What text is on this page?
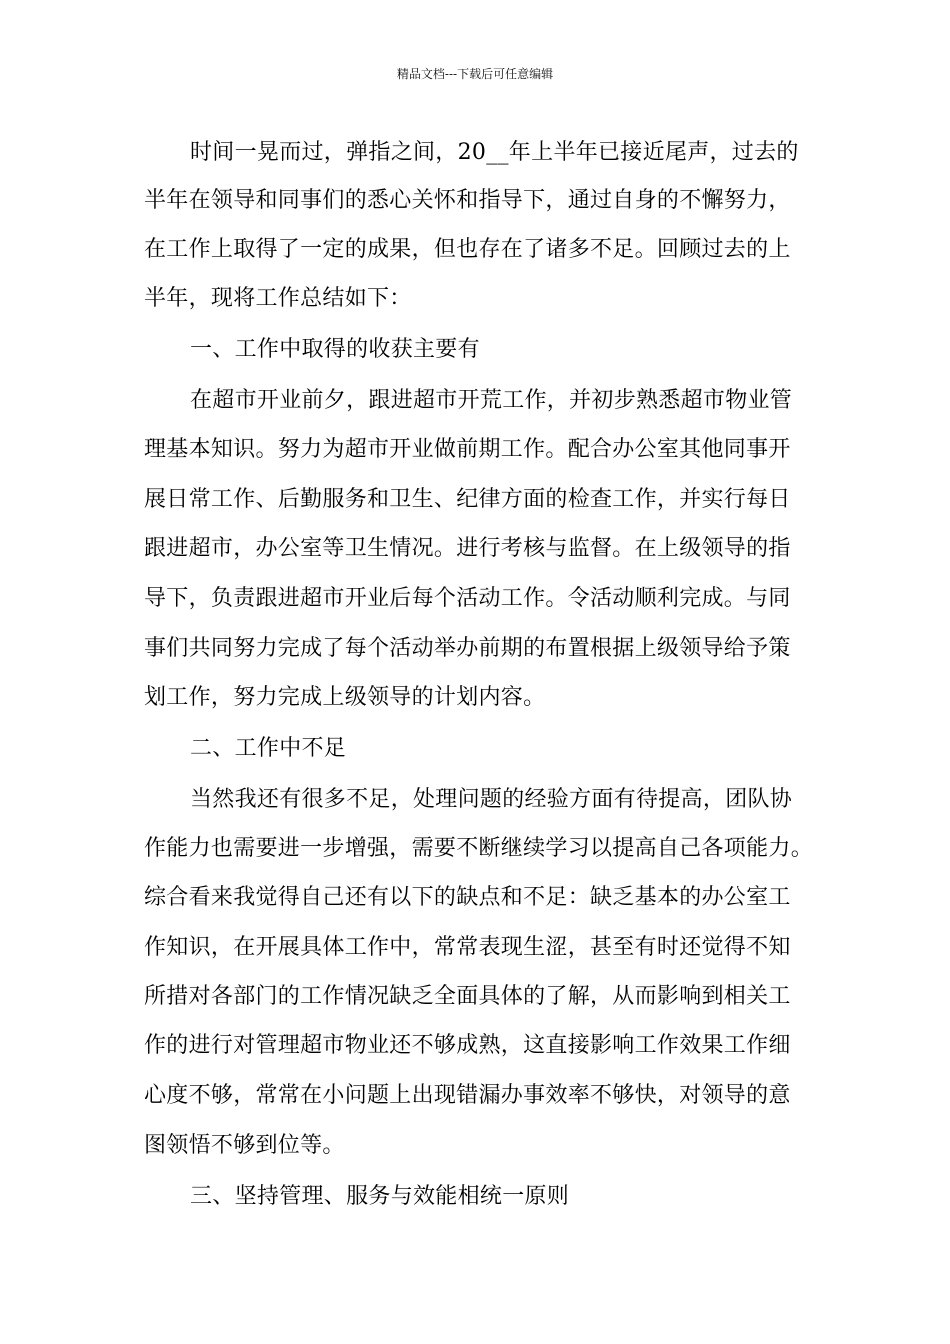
精品文档---下载后可任意编辑
时间一晃而过，弹指之间，20__年上半年已接近尾声，过去的
半年在领导和同事们的悉心关怀和指导下，通过自身的不懈努力，
在工作上取得了一定的成果，但也存在了诸多不足。回顾过去的上
半年，现将工作总结如下：
一、工作中取得的收获主要有
在超市开业前夕，跟进超市开荒工作，并初步熟悉超市物业管
理基本知识。努力为超市开业做前期工作。配合办公室其他同事开
展日常工作、后勤服务和卫生、纪律方面的检查工作，并实行每日
跟进超市，办公室等卫生情况。进行考核与监督。在上级领导的指
导下，负责跟进超市开业后每个活动工作。令活动顺利完成。与同
事们共同努力完成了每个活动举办前期的布置根据上级领导给予策
划工作，努力完成上级领导的计划内容。
二、工作中不足
当然我还有很多不足，处理问题的经验方面有待提高，团队协
作能力也需要进一步增强，需要不断继续学习以提高自己各项能力。
综合看来我觉得自己还有以下的缺点和不足：缺乏基本的办公室工
作知识，在开展具体工作中，常常表现生涩，甚至有时还觉得不知
所措对各部门的工作情况缺乏全面具体的了解，从而影响到相关工
作的进行对管理超市物业还不够成熟，这直接影响工作效果工作细
心度不够，常常在小问题上出现错漏办事效率不够快，对领导的意
图领悟不够到位等。
三、坚持管理、服务与效能相统一原则
